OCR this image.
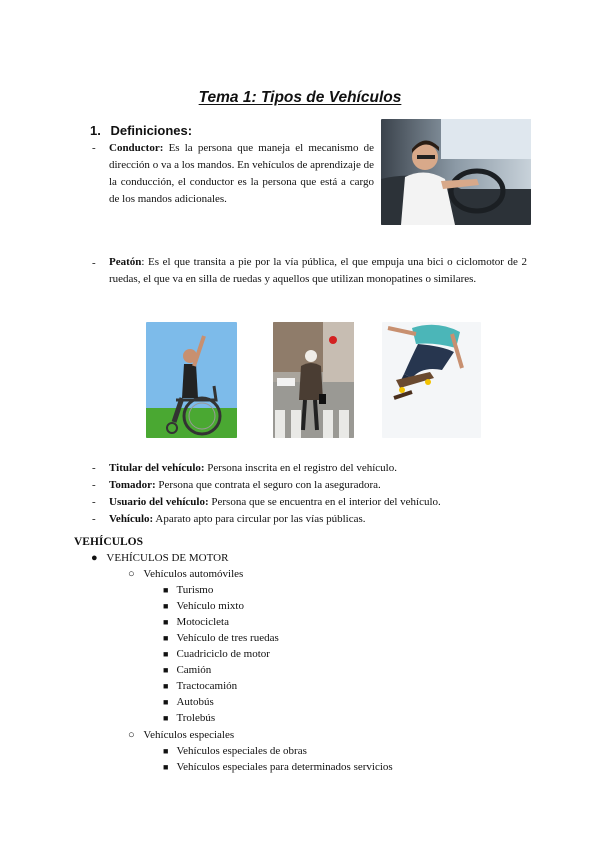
Tema 1: Tipos de Vehículos
1. Definiciones:
- Conductor: Es la persona que maneja el mecanismo de dirección o va a los mandos. En vehículos de aprendizaje de la conducción, el conductor es la persona que está a cargo de los mandos adicionales.
- Peatón: Es el que transita a pie por la vía pública, el que empuja una bici o ciclomotor de 2 ruedas, el que va en silla de ruedas y aquellos que utilizan monopatines o similares.
- Titular del vehículo: Persona inscrita en el registro del vehículo.
- Tomador: Persona que contrata el seguro con la aseguradora.
- Usuario del vehículo: Persona que se encuentra en el interior del vehículo.
- Vehículo: Aparato apto para circular por las vías públicas.
VEHÍCULOS
● VEHÍCULOS DE MOTOR
○ Vehículos automóviles
■ Turismo
■ Vehículo mixto
■ Motocicleta
■ Vehículo de tres ruedas
■ Cuadriciclo de motor
■ Camión
■ Tractocamión
■ Autobús
■ Trolebús
○ Vehículos especiales
■ Vehículos especiales de obras
■ Vehículos especiales para determinados servicios
